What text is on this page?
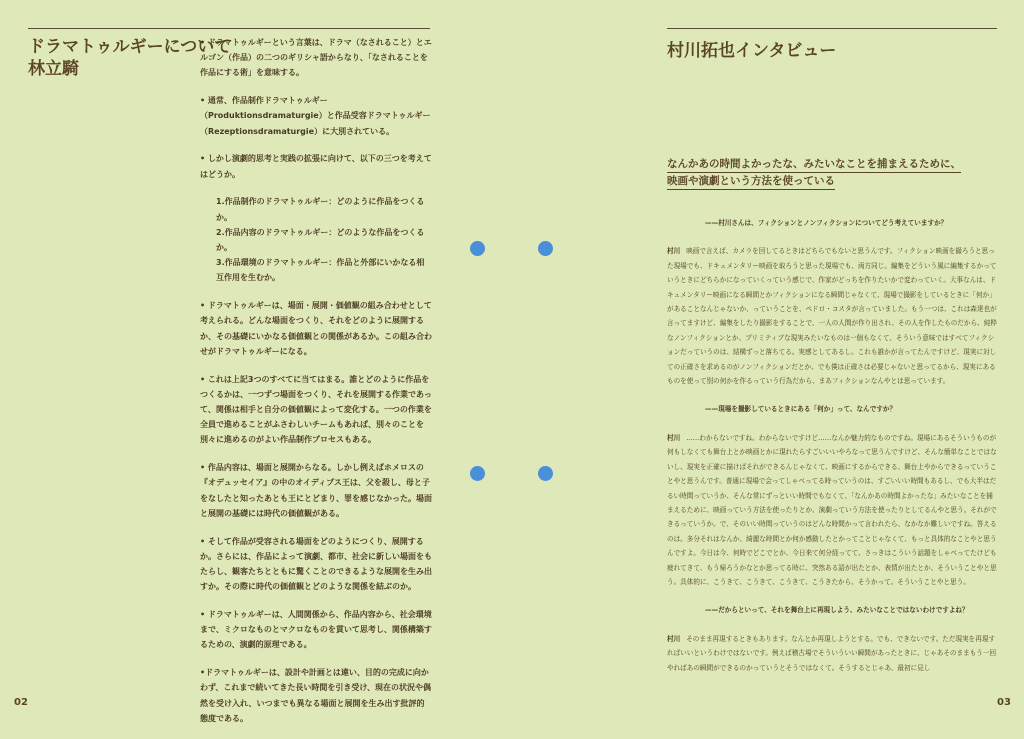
ドラマトゥルギーについて
林立騎

• ドラマトゥルギーという言葉は、ドラマ（なされること）とエルゴン（作品）の二つのギリシャ語からなり、「なされることを作品にする術」を意味する。

• 通常、作品制作ドラマトゥルギー（Produktionsdramaturgie）と作品受容ドラマトゥルギー（Rezeptionsdramaturgie）に大別されている。

• しかし演劇的思考と実践の拡張に向けて、以下の三つを考えてはどうか。

1.作品制作のドラマトゥルギー：どのように作品をつくるか。

2.作品内容のドラマトゥルギー：どのような作品をつくるか。

3.作品環境のドラマトゥルギー：作品と外部にいかなる相互作用を生むか。

• ドラマトゥルギーは、場面・展開・価値観の組み合わせとして考えられる。どんな場面をつくり、それをどのように展開するか、その基礎にいかなる価値観との関係があるか。この組み合わせがドラマトゥルギーになる。

• これは上記3つのすべてに当てはまる。誰とどのように作品をつくるかは、一つずつ場面をつくり、それを展開する作業であって、関係は相手と自分の価値観によって変化する。一つの作業を全員で進めることがふさわしいチームもあれば、別々のことを別々に進めるのがよい作品制作プロセスもある。

• 作品内容は、場面と展開からなる。しかし例えばホメロスの『オデュッセイア』の中のオイディプス王は、父を殺し、母と子をなしたと知ったあとも王にとどまり、罪を感じなかった。場面と展開の基礎には時代の価値観がある。

• そして作品が受容される場面をどのようにつくり、展開するか。さらには、作品によって演劇、都市、社会に新しい場面をもたらし、観客たちとともに驚くことのできるような展開を生み出すか。その際に時代の価値観とどのような関係を結ぶのか。

• ドラマトゥルギーは、人間関係から、作品内容から、社会環境まで、ミクロなものとマクロなものを貫いて思考し、関係構築するための、演劇的原理である。

•ドラマトゥルギーは、設計や計画とは違い、目的の完成に向かわず、これまで続いてきた長い時間を引き受け、現在の状況や偶然を受け入れ、いつまでも異なる場面と展開を生み出す批評的態度である。

村川拓也インタビュー
なんかあの時間よかったな、みたいなことを捕まえるために、
映画や演劇という方法を使っている

——村川さんは、フィクションとノンフィクションについてどう考えていますか？

村川 映画で言えば、カメラを回してるときはどちらでもないと思うんです。フィクション映画を撮ろうと思った現場でも、ドキュメンタリー映画を取ろうと思った現場でも、両方同じ。編集をどういう風に編集するかっていうときにどちらかになっていくっていう感じで、作家がどっちを作りたいかで変わっていく。大事なんは、ドキュメンタリー映画になる瞬間とかフィクションになる瞬間じゃなくて、現場で撮影をしているときに「何か」があることなんじゃないか、っていうことを、ペドロ・コスタが言っていました。もう一つは、これは森達也が言ってますけど、編集をしたり撮影をすることで、一人の人間が作り出され、その人を作したものだから、純粋なノンフィクションとか、プリミティブな現実みたいなものは一個もなくて、そういう意味ではすべてフィクションだっていうのは、結構ずっと落ちてる。実感としてあるし。これも誰かが言ってたんですけど、現実に対しての正確さを求めるのがノンフィクションだとか、でも僕は正確さは必要じゃないと思ってるから、現実にあるものを使って別の何かを作るっていう行為だから、まあフィクションなんやとは思っています。

——現場を撮影しているときにある「何か」って、なんですか？

村川 ……わからないですね。わからないですけど……なんか魅力的なものですね。現場にあるそういうものが何もしなくても舞台上とか映画とかに現れたらすごいいいやろなって思うんですけど、そんな簡単なことではないし、現実を正確に描けばそれができるんじゃなくて、映画にするからできる、舞台上やからできるっていうことやと思うんです。普通に現場で会ってしゃべってる時っていうのは、すごいいい時間もあるし、でも大半はだるい時間っていうか、そんな常にずっといい時間でもなくて、「なんかあの時間よかったな」みたいなことを捕まえるために、映画っていう方法を使ったりとか、演劇っていう方法を使ったりとしてるんやと思う。それができるっていうか。で、そのいい時間っていうのはどんな時間かって言われたら、なかなか難しいですね。答えるのは。多分それはなんか、綺麗な時間とか何か感動したとかってことじゃなくて、もっと具体的なことやと思うんですよ。今日は今、何時でどこでとか、今日来て何分経ってて、さっきはこういう話題をしゃべってたけども疲れてきて、もう帰ろうかなとか思ってる時に、突然ある語が出たとか、表情が出たとか、そういうことやと思う。具体的に、こうきて、こうきて、こうきて、こうきたから、そうかって。そういうことやと思う。

——だからといって、それを舞台上に再現しよう、みたいなことではないわけですよね？

村川 そのまま再現するときもあります。なんとか再現しようとする。でも、できないです。ただ現実を再現すればいいというわけではないです。例えば稽古場でそういういい瞬間があったときに、じゃあそのままもう一回やればあの瞬間ができるのかっていうとそうではなくて。そうするとじゃあ、最初に見し

02	03
